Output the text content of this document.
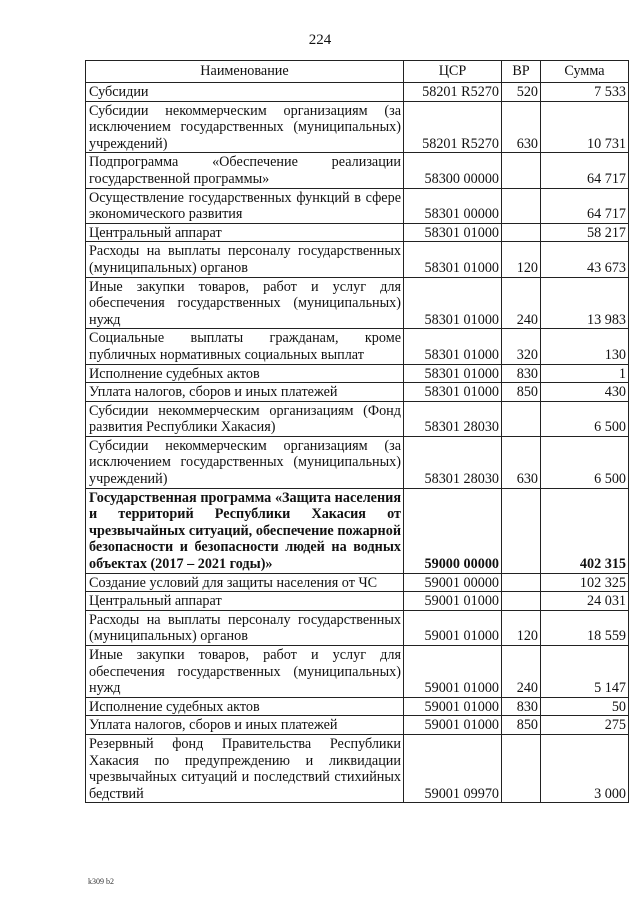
224
Наименование	ЦСР	ВР	Сумма
Субсидии	58201 R5270	520	7 533
Субсидии некоммерческим организациям (за исключением государственных (муниципальных) учреждений)	58201 R5270	630	10 731
Подпрограмма «Обеспечение реализации государственной программы»	58300 00000		64 717
Осуществление государственных функций в сфере экономического развития	58301 00000		64 717
Центральный аппарат	58301 01000		58 217
Расходы на выплаты персоналу государственных (муниципальных) органов	58301 01000	120	43 673
Иные закупки товаров, работ и услуг для обеспечения государственных (муниципальных) нужд	58301 01000	240	13 983
Социальные выплаты гражданам, кроме публичных нормативных социальных выплат	58301 01000	320	130
Исполнение судебных актов	58301 01000	830	1
Уплата налогов, сборов и иных платежей	58301 01000	850	430
Субсидии некоммерческим организациям (Фонд развития Республики Хакасия)	58301 28030		6 500
Субсидии некоммерческим организациям (за исключением государственных (муниципальных) учреждений)	58301 28030	630	6 500
Государственная программа «Защита населения и территорий Республики Хакасия от чрезвычайных ситуаций, обеспечение пожарной безопасности и безопасности людей на водных объектах (2017 – 2021 годы)»	59000 00000		402 315
Создание условий для защиты населения от ЧС	59001 00000		102 325
Центральный аппарат	59001 01000		24 031
Расходы на выплаты персоналу государственных (муниципальных) органов	59001 01000	120	18 559
Иные закупки товаров, работ и услуг для обеспечения государственных (муниципальных) нужд	59001 01000	240	5 147
Исполнение судебных актов	59001 01000	830	50
Уплата налогов, сборов и иных платежей	59001 01000	850	275
Резервный фонд Правительства Республики Хакасия по предупреждению и ликвидации чрезвычайных ситуаций и последствий стихийных бедствий	59001 09970		3 000
k309 b2
